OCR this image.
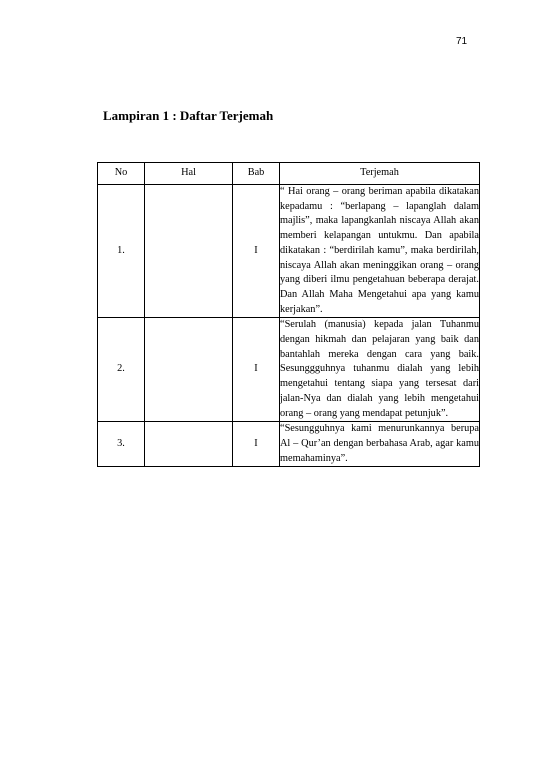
71
Lampiran 1 : Daftar Terjemah
No	Hal	Bab	Terjemah
1.		I	“ Hai orang – orang beriman apabila dikatakan kepadamu : “berlapang – lapanglah dalam majlis”, maka lapangkanlah niscaya Allah akan memberi kelapangan untukmu. Dan apabila dikatakan : “berdirilah kamu”, maka berdirilah, niscaya Allah akan meninggikan orang – orang yang diberi ilmu pengetahuan beberapa derajat. Dan Allah Maha Mengetahui apa yang kamu kerjakan”.
2.		I	“Serulah (manusia) kepada jalan Tuhanmu dengan hikmah dan pelajaran yang baik dan bantahlah mereka dengan cara yang baik. Sesunggguhnya tuhanmu dialah yang lebih mengetahui tentang siapa yang tersesat dari jalan-Nya dan dialah yang lebih mengetahui orang – orang yang mendapat petunjuk”.
3.		I	“Sesungguhnya kami menurunkannya berupa Al – Qur’an dengan berbahasa Arab, agar kamu memahaminya”.
